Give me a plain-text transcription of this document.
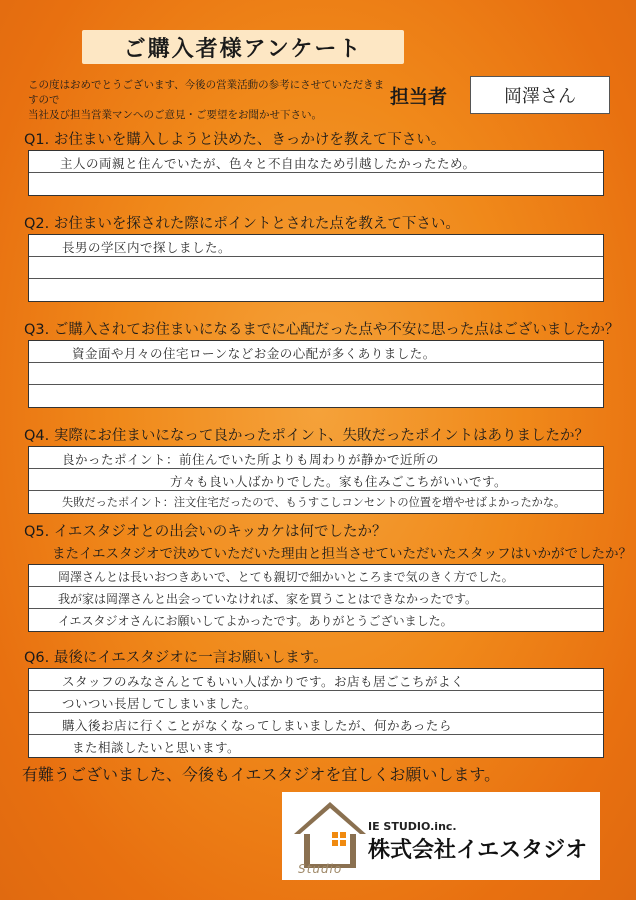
ご購入者様アンケート
この度はおめでとうございます、今後の営業活動の参考にさせていただきますので
当社及び担当営業マンへのご意見・ご要望をお聞かせ下さい。
担当者	岡澤さん
Q1. お住まいを購入しようと決めた、きっかけを教えて下さい。
主人の両親と住んでいたが、色々と不自由なため引越したかったため。
Q2. お住まいを探された際にポイントとされた点を教えて下さい。
長男の学区内で探しました。
Q3. ご購入されてお住まいになるまでに心配だった点や不安に思った点はございましたか？
資金面や月々の住宅ローンなどお金の心配が多くありました。
Q4. 実際にお住まいになって良かったポイント、失敗だったポイントはありましたか？
良かったポイント：前住んでいた所よりも周わりが静かで近所の
方々も良い人ばかりでした。家も住みごこちがいいです。
失敗だったポイント：注文住宅だったので、もうすこしコンセントの位置を増やせばよかったかな。
Q5. イエスタジオとの出会いのキッカケは何でしたか？
またイエスタジオで決めていただいた理由と担当させていただいたスタッフはいかがでしたか？
岡澤さんとは長いおつきあいで、とても親切で細かいところまで気のきく方でした。
我が家は岡澤さんと出会っていなければ、家を買うことはできなかったです。
イエスタジオさんにお願いしてよかったです。ありがとうございました。
Q6. 最後にイエスタジオに一言お願いします。
スタッフのみなさんとてもいい人ばかりです。お店も居ごこちがよく
ついつい長居してしまいました。
購入後お店に行くことがなくなってしまいましたが、何かあったら
また相談したいと思います。
有難うございました、今後もイエスタジオを宜しくお願いします。
Studio
IE STUDIO.inc.
株式会社イエスタジオ
